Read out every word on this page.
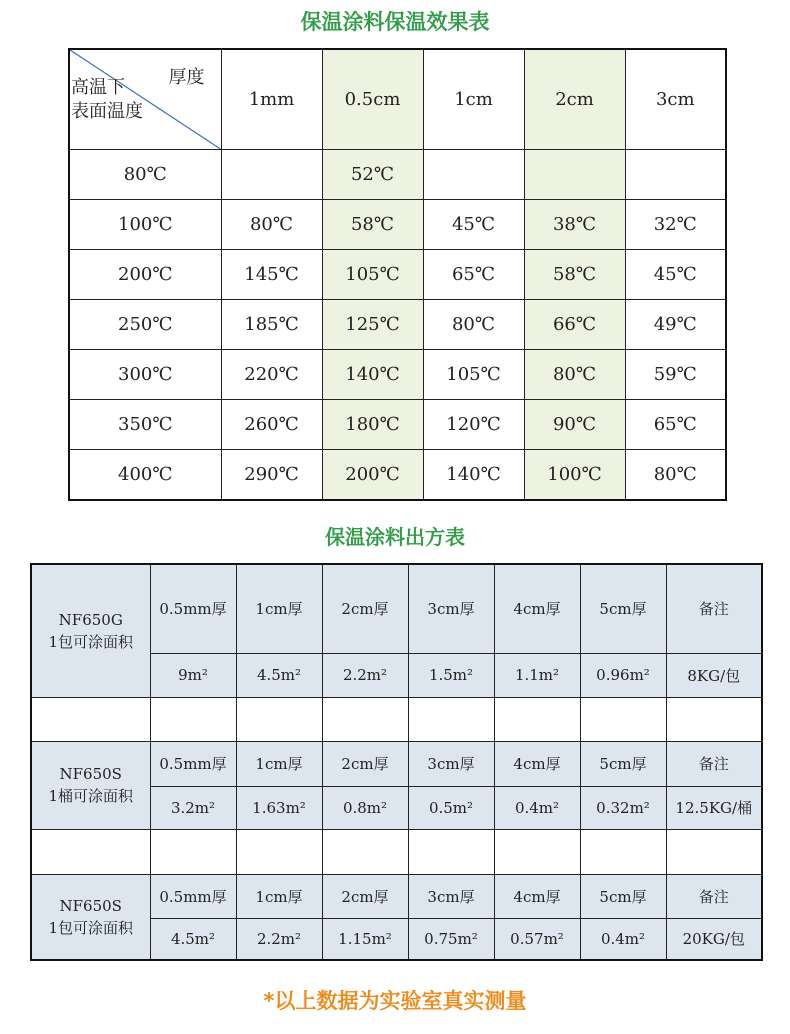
保温涂料保温效果表
厚度
高温下
表面温度	1mm	0.5cm	1cm	2cm	3cm
80℃		52℃			
100℃	80℃	58℃	45℃	38℃	32℃
200℃	145℃	105℃	65℃	58℃	45℃
250℃	185℃	125℃	80℃	66℃	49℃
300℃	220℃	140℃	105℃	80℃	59℃
350℃	260℃	180℃	120℃	90℃	65℃
400℃	290℃	200℃	140℃	100℃	80℃
保温涂料出方表
NF650G
1包可涂面积	0.5mm厚	1cm厚	2cm厚	3cm厚	4cm厚	5cm厚	备注
	9m²	4.5m²	2.2m²	1.5m²	1.1m²	0.96m²	8KG/包

NF650S
1桶可涂面积	0.5mm厚	1cm厚	2cm厚	3cm厚	4cm厚	5cm厚	备注
	3.2m²	1.63m²	0.8m²	0.5m²	0.4m²	0.32m²	12.5KG/桶

NF650S
1包可涂面积	0.5mm厚	1cm厚	2cm厚	3cm厚	4cm厚	5cm厚	备注
	4.5m²	2.2m²	1.15m²	0.75m²	0.57m²	0.4m²	20KG/包
*以上数据为实验室真实测量
